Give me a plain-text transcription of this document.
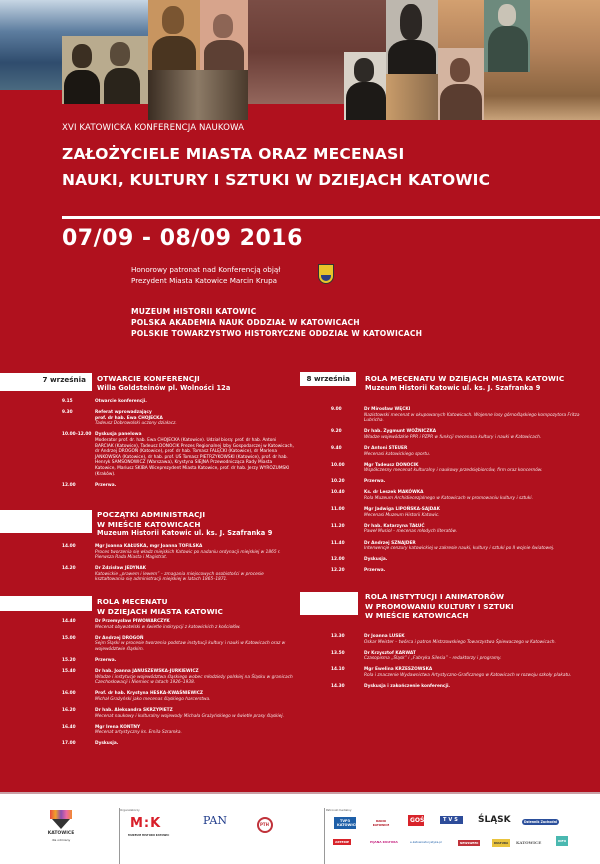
XVI KATOWICKA KONFERENCJA NAUKOWA
ZAŁOŻYCIELE MIASTA ORAZ MECENASI
NAUKI, KULTURY I SZTUKI W DZIEJACH KATOWIC
07/09 - 08/09 2016
Honorowy patronat nad Konferencją objął
Prezydent Miasta Katowice Marcin Krupa
MUZEUM HISTORII KATOWIC
POLSKA AKADEMIA NAUK ODDZIAŁ W KATOWICACH
POLSKIE TOWARZYSTWO HISTORYCZNE ODDZIAŁ W KATOWICACH
7 września	OTWARCIE KONFERENCJI
Willa Goldsteinów pl. Wolności 12a
9.15	Otwarcie konferencji.
9.30	Referat wprowadzający
prof. dr hab. Ewa CHOJECKA
Tadeusz Dobrowolski uczony działacz.
10.00–12.00 Dyskusja panelowa
Moderator prof. dr. hab. Ewa CHOJECKA (Katowice). Udział biorą: prof. dr hab. Antoni BARCIAK (Katowice), Tadeusz DONOCIK Prezes Regionalnej Izby Gospodarczej w Katowicach, dr Andrzej DROGOŃ (Katowice), prof. dr hab. Tomasz FALĘCKI (Katowice), dr Marlena JANKOWSKA (Katowice), dr hab. prof. UŚ Tomasz PIETRZYKOWSKI (Katowice), prof. dr hab. Henryk SAMSONOWICZ (Warszawa), Krystyna SIEJNA Przewodnicząca Rady Miasta Katowice, Mariusz SKIBA Wiceprezydent Miasta Katowice, prof. dr hab. Jerzy WYROZUMSKI (Kraków).
12.00	Przerwa.
POCZĄTKI ADMINISTRACJI
W MIEŚCIE KATOWICACH
Muzeum Historii Katowic ul. ks. J. Szafranka 9
14.00	Mgr Joanna KAŁUSKA, mgr Joanna TOFILSKA
Proces tworzenia się władz miejskich Katowic po nadaniu ordynacji miejskiej w 1865 r. Pierwsza Rada Miasta i Magistrat.
14.20	Dr Zdzisław JEDYNAK
Katowickie „prawem i lewem” – zmagania miejscowych osobistości w procesie kształtowania się administracji miejskiej w latach 1865–1871.
ROLA MECENATU
W DZIEJACH MIASTA KATOWIC
14.40	Dr Przemysław PIWOWARCZYK
Mecenat obywatelski w świetle inskrypcji z katowickich z kościołów.
15.00	Dr Andrzej DROGOŃ
Sejm Śląski w procesie tworzenia podstaw instytucji kultury i nauki w Katowicach oraz w województwie śląskim.
15.20	Przerwa.
15.40	Dr hab. Joanna JANUSZEWSKA-JURKIEWICZ
Władze i instytucje województwa śląskiego wobec młodzieży polskiej na Śląsku w granicach Czechosłowacji i Niemiec w latach 1926–1938.
16.00	Prof. dr hab. Krystyna HESKA-KWAŚNIEWICZ
Michał Grażyński jako mecenas śląskiego harcerstwa.
16.20	Dr hab. Aleksandra SKRZYPIETZ
Mecenat naukowy i kulturalny wojewody Michała Grażyńskiego w świetle prasy śląskiej.
16.40	Mgr Irena KONTNY
Mecenat artystyczny ks. Emila Szramka.
17.00	Dyskusja.
8 września	ROLA MECENATU W DZIEJACH MIASTA KATOWIC
Muzeum Historii Katowic ul. ks. J. Szafranka 9
9.00	Dr Mirosław WĘCKI
Nazistowski mecenat w okupowanych Katowicach. Wojenne losy górnośląskiego kompozytora Fritza Lubricha.
9.20	Dr hab. Zygmunt WOŹNICZKA
Władze wojewódzkie PPR i PZPR w funkcji mecenasa kultury i nauki w Katowicach.
9.40	Dr Antoni STEUER
Mecenasi katowickiego sportu.
10.00	Mgr Tadeusz DONOCIK
Współczesny mecenat kulturalny i naukowy przedsiębiorców, firm oraz koncernów.
10.20	Przerwa.
10.40	Ks. dr Leszek MAKÓWKA
Rola Muzeum Archidiecezjalnego w Katowicach w promowaniu kultury i sztuki.
11.00	Mgr Jadwiga LIPOŃSKA-SAJDAK
Mecenasi Muzeum Historii Katowic.
11.20	Dr hab. Katarzyna TAŁUĆ
Paweł Musiol – mecenas młodych literatów.
11.40	Dr Andrzej SZNAJDER
Interwencje cenzury katowickiej w zakresie nauki, kultury i sztuki po II wojnie światowej.
12.00	Dyskusja.
12.20	Przerwa.
ROLA INSTYTUCJI I ANIMATORÓW
W PROMOWANIU KULTURY I SZTUKI
W MIEŚCIE KATOWICACH
13.30	Dr Joanna LUSEK
Oskar Meister – twórca i patron Mistrzowskiego Towarzystwa Śpiewaczego w Katowicach.
13.50	Dr Krzysztof KARWAT
Czasopisma „Śląsk” i „Fabryka Silesia” – redaktorzy i programy.
14.10	Mgr Ewelina KRZESZOWSKA
Rola i znaczenie Wydawnictwa Artystyczno-Graficznego w Katowicach w rozwoju szkoły plakatu.
14.30	Dyskusja i zakończenie konferencji.
KATOWICE
dla odmiany
Organizatorzy
M:K
MUZEUM HISTORII KATOWIC
PAN	PTH
Patronat medialny
TVP3 KATOWICE
RADIO KATOWICE
GOŚĆ	TVS	ŚLĄSK	Dziennik Zachodni
ARTERIE	PIJANA KULTURA	e-katowiceturystyka.pl	NEWSWEEK	KULTURA	KATOWICE	INFO
